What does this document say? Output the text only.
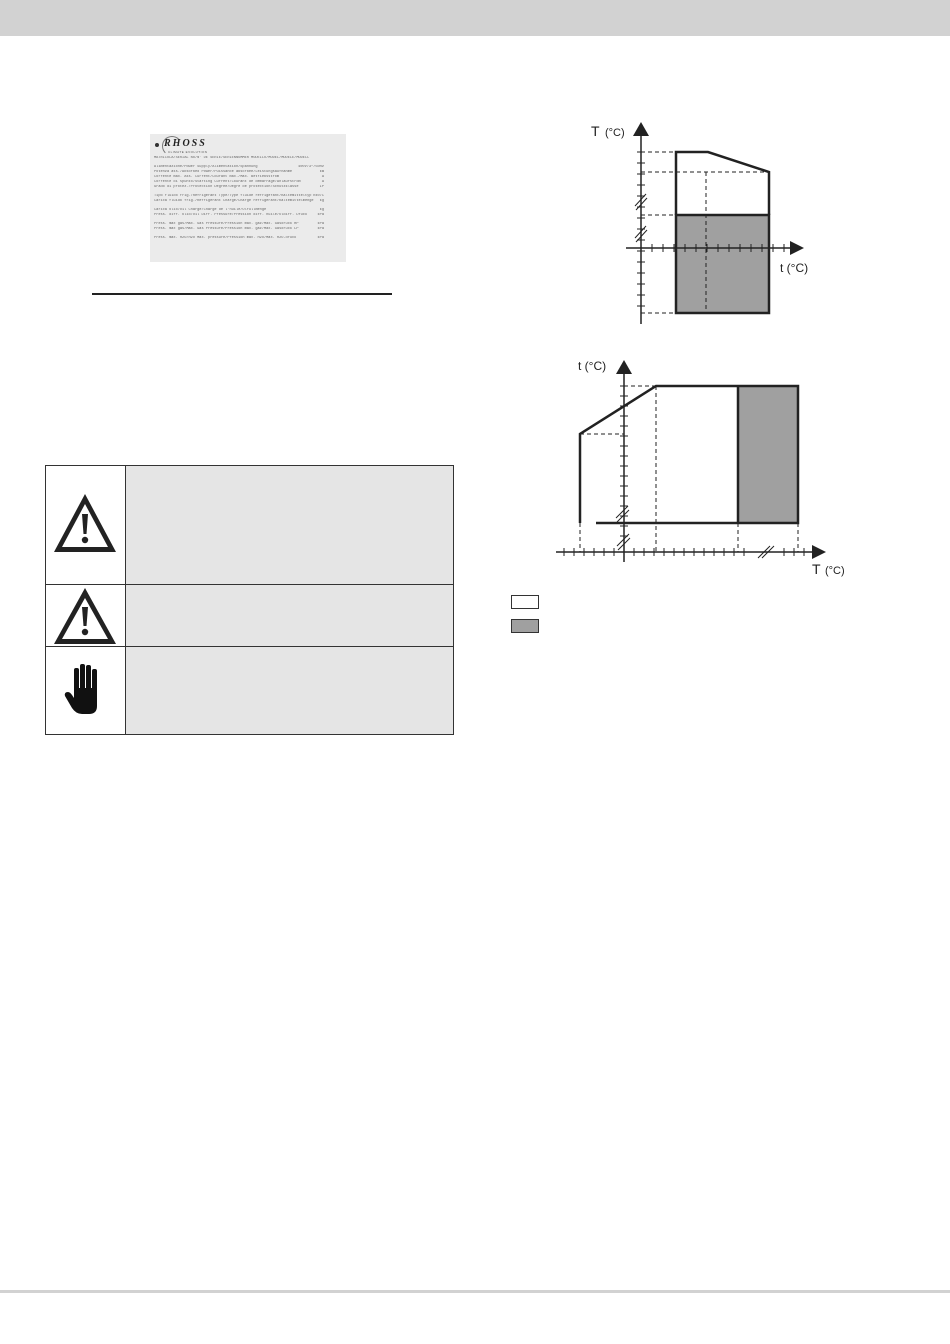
RHOSS
CLIMATE EVOLUTION
MATRICOLA/SERIAL No/N° DE SERIE/SERIENNUMMER MODELLO/MODEL/MODELE/MODELL
Alimentazione/Power Supply/Alimentation/Spannung	400V/3~/50Hz
Potenza ass./Absorbed Power/Puissance absorbée/Leistungsaufnahme	kW
Corrente max. Ass. Current/Courant max./Max. Betriebsstrom	A
Corrente di spunto/Starting Current/Courant de demarrage/Anlaufstrom	A
Grado di protez./Protection Degree/Degré de protection/Schutzklasse	IP
Tipo fluido frig./Refrigerant Type/Type fluide refrigerant/Kältemitteltyp R407C
Carica fluido frig./Refrigerant Charge/Charge refrigerant/Kältemittelmenge kg
Carica olio/Oil Charge/Charge de l'huile/Ölfüllmenge	kg
Press. diff. olio/Oil Diff. Pressure/Pression diff. huile/Öldiff. Druck	kPa
Press. max gas/Max. Gas Pressure/Pression max. gaz/Max. Gasdruck HP	kPa
Press. max gas/Max. Gas Pressure/Pression max. gaz/Max. Gasdruck LP	kPa
Press. max. H2O/H2O Max. pressure/Pression max. H2O/Max. H2O-druck	kPa
T (°C)
t (°C)
t (°C)
T (°C)
